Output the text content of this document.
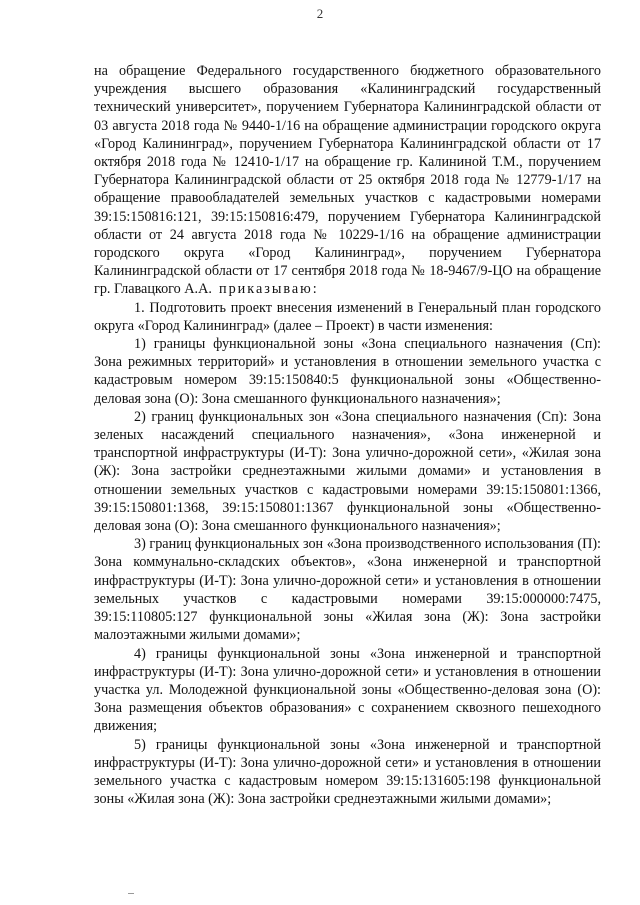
2

на обращение Федерального государственного бюджетного образовательного учреждения высшего образования «Калининградский государственный технический университет», поручением Губернатора Калининградской области от 03 августа 2018 года № 9440-1/16 на обращение администрации городского округа «Город Калининград», поручением Губернатора Калининградской области от 17 октября 2018 года № 12410-1/17 на обращение гр. Калининой Т.М., поручением Губернатора Калининградской области от 25 октября 2018 года № 12779-1/17 на обращение правообладателей земельных участков с кадастровыми номерами 39:15:150816:121, 39:15:150816:479, поручением Губернатора Калининградской области от 24 августа 2018 года № 10229-1/16 на обращение администрации городского округа «Город Калининград», поручением Губернатора Калининградской области от 17 сентября 2018 года № 18-9467/9-ЦО на обращение гр. Главацкого А.А. приказываю:

1. Подготовить проект внесения изменений в Генеральный план городского округа «Город Калининград» (далее – Проект) в части изменения:

1) границы функциональной зоны «Зона специального назначения (Сп): Зона режимных территорий» и установления в отношении земельного участка с кадастровым номером 39:15:150840:5 функциональной зоны «Общественно-деловая зона (О): Зона смешанного функционального назначения»;

2) границ функциональных зон «Зона специального назначения (Сп): Зона зеленых насаждений специального назначения», «Зона инженерной и транспортной инфраструктуры (И-Т): Зона улично-дорожной сети», «Жилая зона (Ж): Зона застройки среднеэтажными жилыми домами» и установления в отношении земельных участков с кадастровыми номерами 39:15:150801:1366, 39:15:150801:1368, 39:15:150801:1367 функциональной зоны «Общественно-деловая зона (О): Зона смешанного функционального назначения»;

3) границ функциональных зон «Зона производственного использования (П): Зона коммунально-складских объектов», «Зона инженерной и транспортной инфраструктуры (И-Т): Зона улично-дорожной сети» и установления в отношении земельных участков с кадастровыми номерами 39:15:000000:7475, 39:15:110805:127 функциональной зоны «Жилая зона (Ж): Зона застройки малоэтажными жилыми домами»;

4) границы функциональной зоны «Зона инженерной и транспортной инфраструктуры (И-Т): Зона улично-дорожной сети» и установления в отношении участка ул. Молодежной функциональной зоны «Общественно-деловая зона (О): Зона размещения объектов образования» с сохранением сквозного пешеходного движения;

5) границы функциональной зоны «Зона инженерной и транспортной инфраструктуры (И-Т): Зона улично-дорожной сети» и установления в отношении земельного участка с кадастровым номером 39:15:131605:198 функциональной зоны «Жилая зона (Ж): Зона застройки среднеэтажными жилыми домами»;
